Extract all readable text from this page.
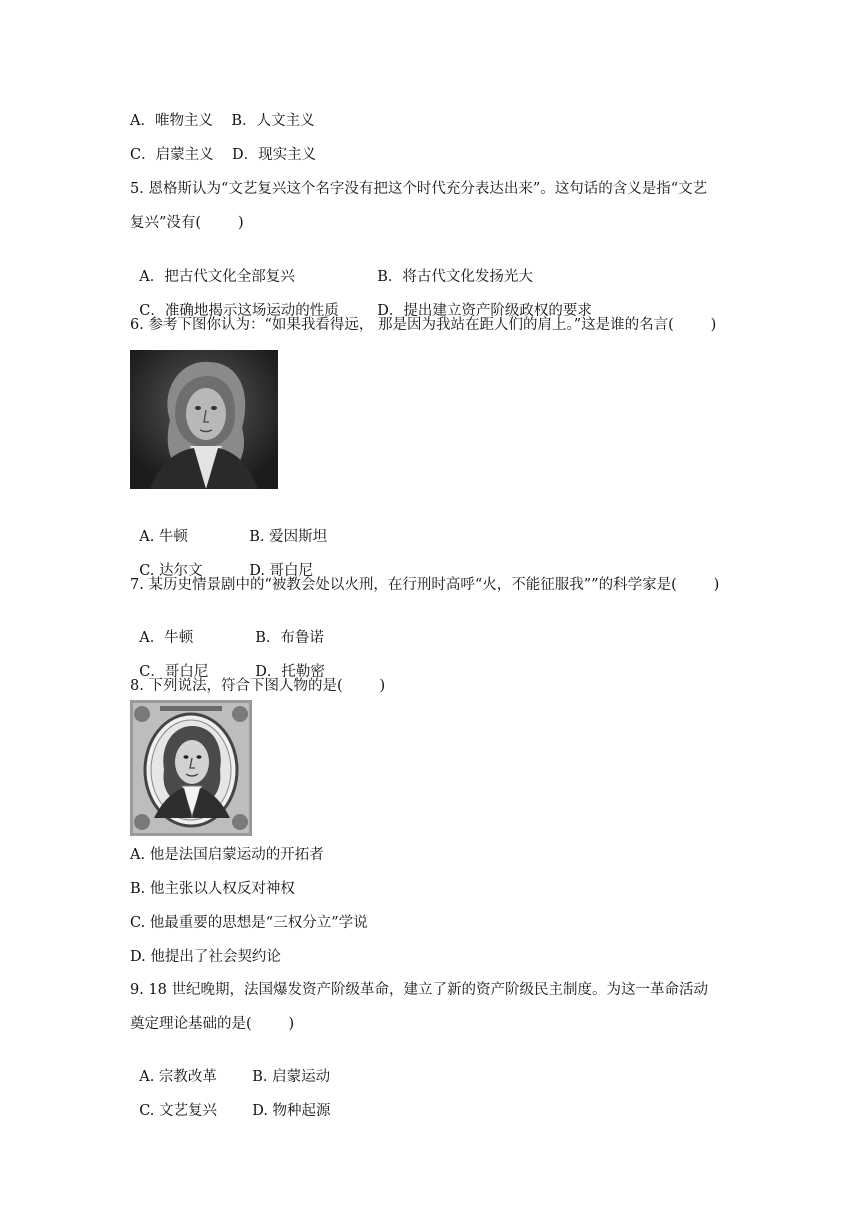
A．唯物主义    B．人文主义
C．启蒙主义    D．现实主义
5. 恩格斯认为“文艺复兴这个名字没有把这个时代充分表达出来”。这句话的含义是指“文艺
复兴”没有(        )

A．把古代文化全部复兴	B．将古代文化发扬光大

C．准确地揭示这场运动的性质	D．提出建立资产阶级政权的要求

6. 参考下图你认为：“如果我看得远， 那是因为我站在距人们的肩上。”这是谁的名言(        )

A. 牛顿	B. 爱因斯坦

C. 达尔文	D. 哥白尼

7. 某历史情景剧中的“被教会处以火刑，在行刑时高呼“火，不能征服我””的科学家是(        )

A．牛顿	B．布鲁诺

C．哥白尼	D．托勒密

8. 下列说法，符合下图人物的是(        )
A. 他是法国启蒙运动的开拓者
B. 他主张以人权反对神权
C. 他最重要的思想是“三权分立”学说
D. 他提出了社会契约论
9. 18 世纪晚期，法国爆发资产阶级革命，建立了新的资产阶级民主制度。为这一革命活动
奠定理论基础的是(        )

A. 宗教改革 B. 启蒙运动

C. 文艺复兴 D. 物种起源
